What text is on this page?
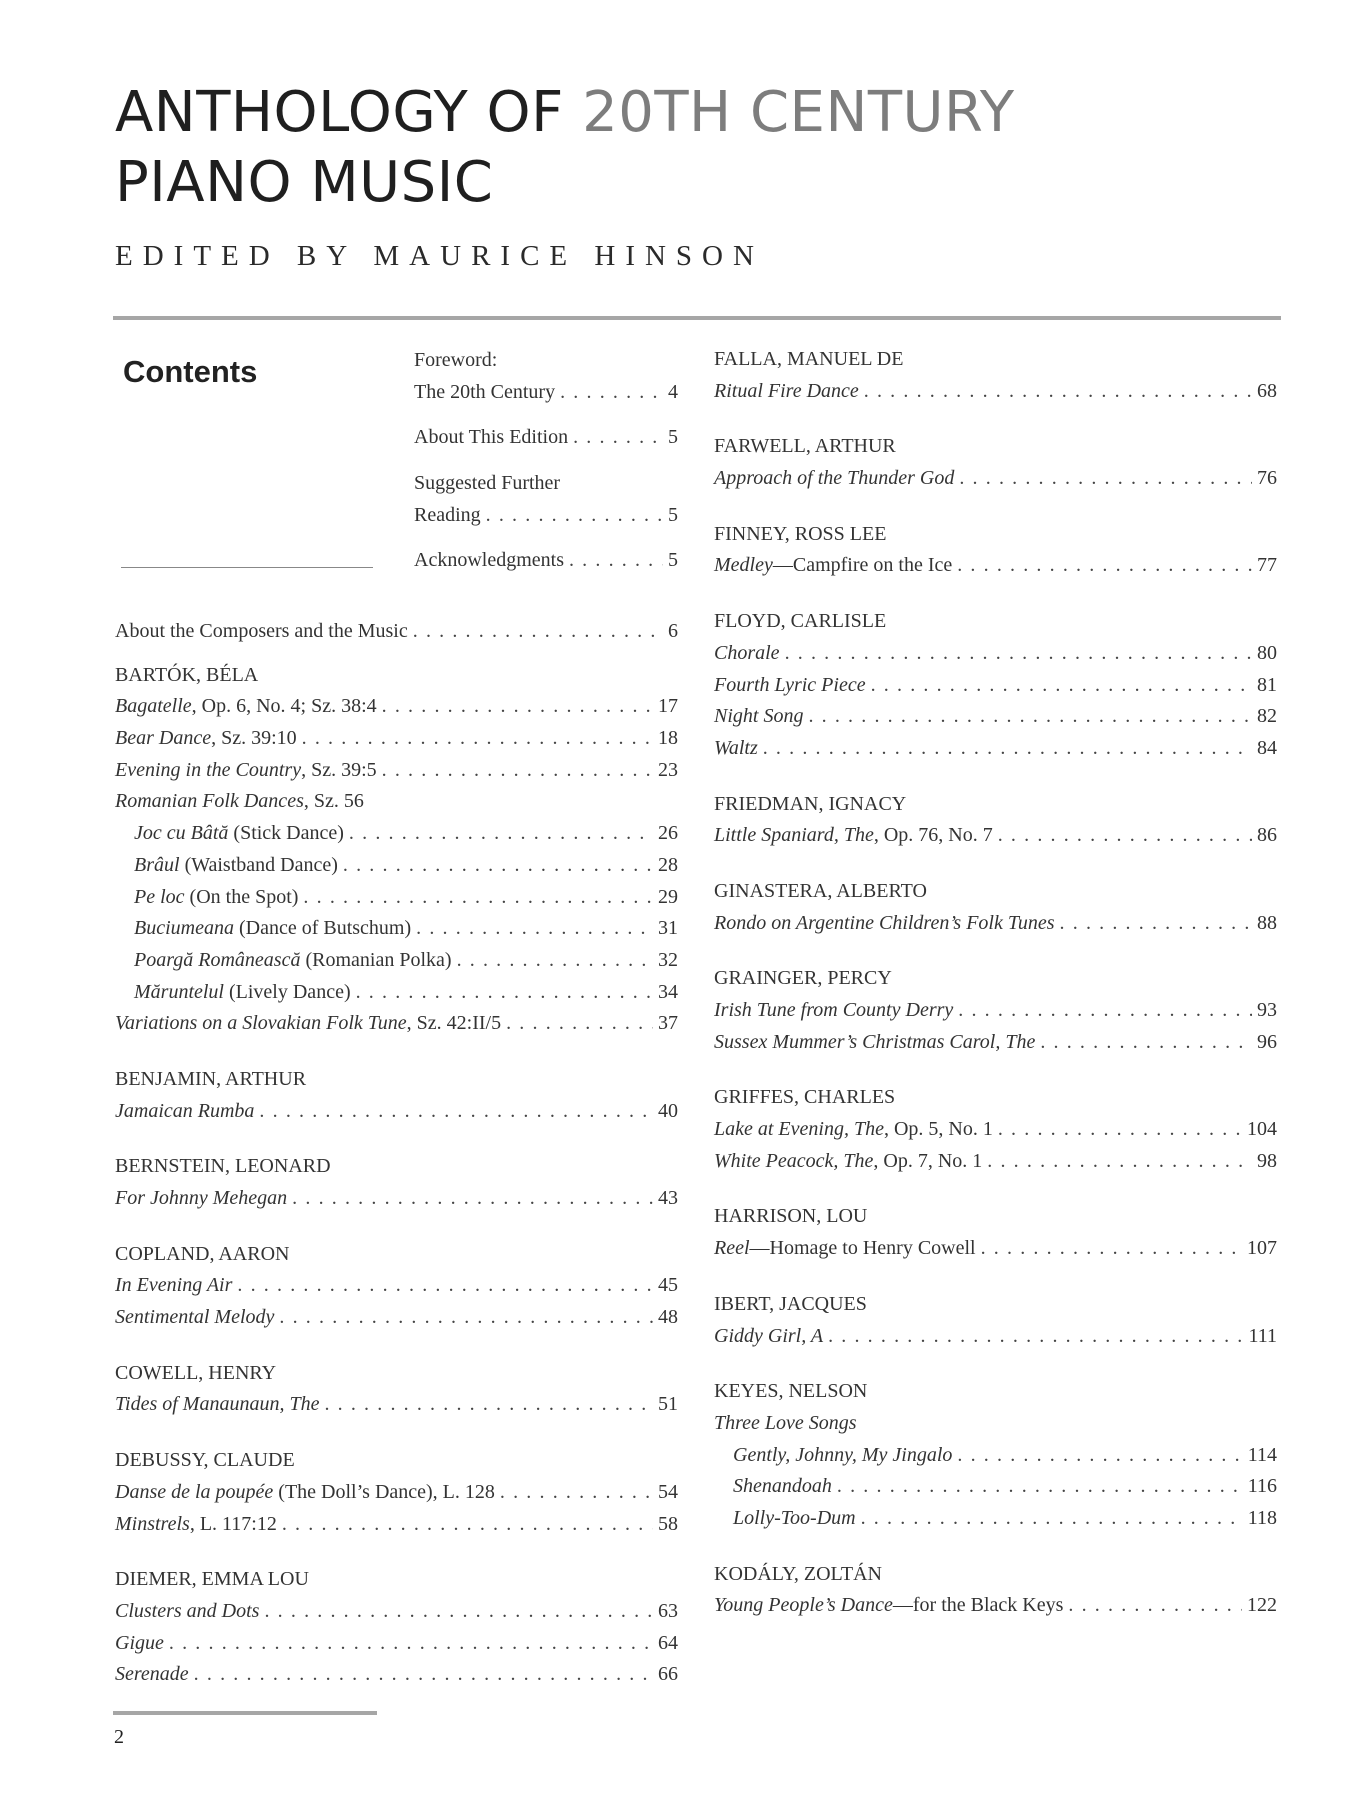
ANTHOLOGY OF 20TH CENTURY
PIANO MUSIC
EDITED BY MAURICE HINSON
Contents	Foreword:
The 20th Century . . .	4
About This Edition . . .	5
Suggested Further
Reading . . .	5
Acknowledgments . . .	5
About the Composers and the Music . . .	6
BARTÓK, BÉLA
Bagatelle, Op. 6, No. 4; Sz. 38:4 . . .	17
Bear Dance, Sz. 39:10 . . .	18
Evening in the Country, Sz. 39:5 . . .	23
Romanian Folk Dances, Sz. 56
Joc cu Bâtă (Stick Dance) . . .	26
Brâul (Waistband Dance) . . .	28
Pe loc (On the Spot) . . .	29
Buciumeana (Dance of Butschum) . . .	31
Poargă Românească (Romanian Polka) . . .	32
Măruntelul (Lively Dance) . . .	34
Variations on a Slovakian Folk Tune, Sz. 42:II/5 . . .	37
BENJAMIN, ARTHUR
Jamaican Rumba . . .	40
BERNSTEIN, LEONARD
For Johnny Mehegan . . .	43
COPLAND, AARON
In Evening Air . . .	45
Sentimental Melody . . .	48
COWELL, HENRY
Tides of Manaunaun, The . . .	51
DEBUSSY, CLAUDE
Danse de la poupée (The Doll’s Dance), L. 128 . . .	54
Minstrels, L. 117:12 . . .	58
DIEMER, EMMA LOU
Clusters and Dots . . .	63
Gigue . . .	64
Serenade . . .	66
FALLA, MANUEL DE
Ritual Fire Dance . . .	68
FARWELL, ARTHUR
Approach of the Thunder God . . .	76
FINNEY, ROSS LEE
Medley—Campfire on the Ice . . .	77
FLOYD, CARLISLE
Chorale . . .	80
Fourth Lyric Piece . . .	81
Night Song . . .	82
Waltz . . .	84
FRIEDMAN, IGNACY
Little Spaniard, The, Op. 76, No. 7 . . .	86
GINASTERA, ALBERTO
Rondo on Argentine Children’s Folk Tunes . . .	88
GRAINGER, PERCY
Irish Tune from County Derry . . .	93
Sussex Mummer’s Christmas Carol, The . . .	96
GRIFFES, CHARLES
Lake at Evening, The, Op. 5, No. 1 . . .	104
White Peacock, The, Op. 7, No. 1 . . .	98
HARRISON, LOU
Reel—Homage to Henry Cowell . . .	107
IBERT, JACQUES
Giddy Girl, A . . .	111
KEYES, NELSON
Three Love Songs
Gently, Johnny, My Jingalo . . .	114
Shenandoah . . .	116
Lolly-Too-Dum . . .	118
KODÁLY, ZOLTÁN
Young People’s Dance—for the Black Keys . . .	122
2
